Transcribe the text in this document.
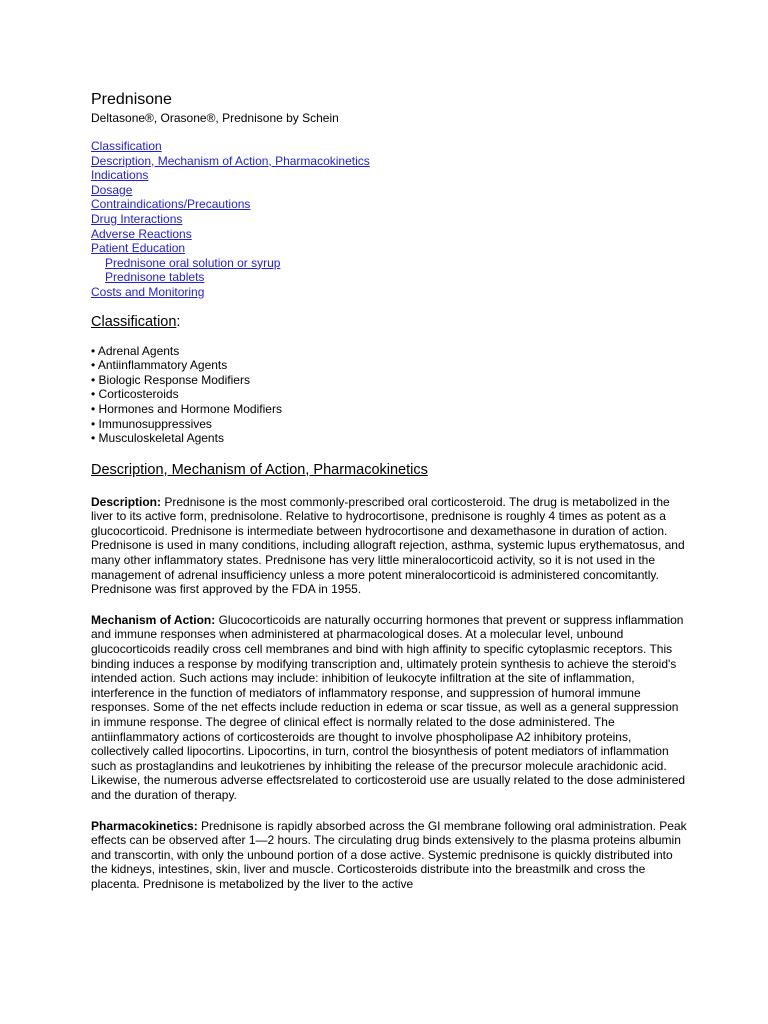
Prednisone
Deltasone®, Orasone®, Prednisone by Schein
Classification
Description, Mechanism of Action, Pharmacokinetics
Indications
Dosage
Contraindications/Precautions
Drug Interactions
Adverse Reactions
Patient Education
Prednisone oral solution or syrup
Prednisone tablets
Costs and Monitoring
Classification:
• Adrenal Agents
• Antiinflammatory Agents
• Biologic Response Modifiers
• Corticosteroids
• Hormones and Hormone Modifiers
• Immunosuppressives
• Musculoskeletal Agents
Description, Mechanism of Action, Pharmacokinetics

Description: Prednisone is the most commonly-prescribed oral corticosteroid. The drug is metabolized in the liver to its active form, prednisolone. Relative to hydrocortisone, prednisone is roughly 4 times as potent as a glucocorticoid. Prednisone is intermediate between hydrocortisone and dexamethasone in duration of action. Prednisone is used in many conditions, including allograft rejection, asthma, systemic lupus erythematosus, and many other inflammatory states. Prednisone has very little mineralocorticoid activity, so it is not used in the management of adrenal insufficiency unless a more potent mineralocorticoid is administered concomitantly. Prednisone was first approved by the FDA in 1955.

Mechanism of Action: Glucocorticoids are naturally occurring hormones that prevent or suppress inflammation and immune responses when administered at pharmacological doses. At a molecular level, unbound glucocorticoids readily cross cell membranes and bind with high affinity to specific cytoplasmic receptors. This binding induces a response by modifying transcription and, ultimately protein synthesis to achieve the steroid's intended action. Such actions may include: inhibition of leukocyte infiltration at the site of inflammation, interference in the function of mediators of inflammatory response, and suppression of humoral immune responses. Some of the net effects include reduction in edema or scar tissue, as well as a general suppression in immune response. The degree of clinical effect is normally related to the dose administered. The antiinflammatory actions of corticosteroids are thought to involve phospholipase A2 inhibitory proteins, collectively called lipocortins. Lipocortins, in turn, control the biosynthesis of potent mediators of inflammation such as prostaglandins and leukotrienes by inhibiting the release of the precursor molecule arachidonic acid. Likewise, the numerous adverse effectsrelated to corticosteroid use are usually related to the dose administered and the duration of therapy.

Pharmacokinetics: Prednisone is rapidly absorbed across the GI membrane following oral administration. Peak effects can be observed after 1—2 hours. The circulating drug binds extensively to the plasma proteins albumin and transcortin, with only the unbound portion of a dose active. Systemic prednisone is quickly distributed into the kidneys, intestines, skin, liver and muscle. Corticosteroids distribute into the breastmilk and cross the placenta. Prednisone is metabolized by the liver to the active
